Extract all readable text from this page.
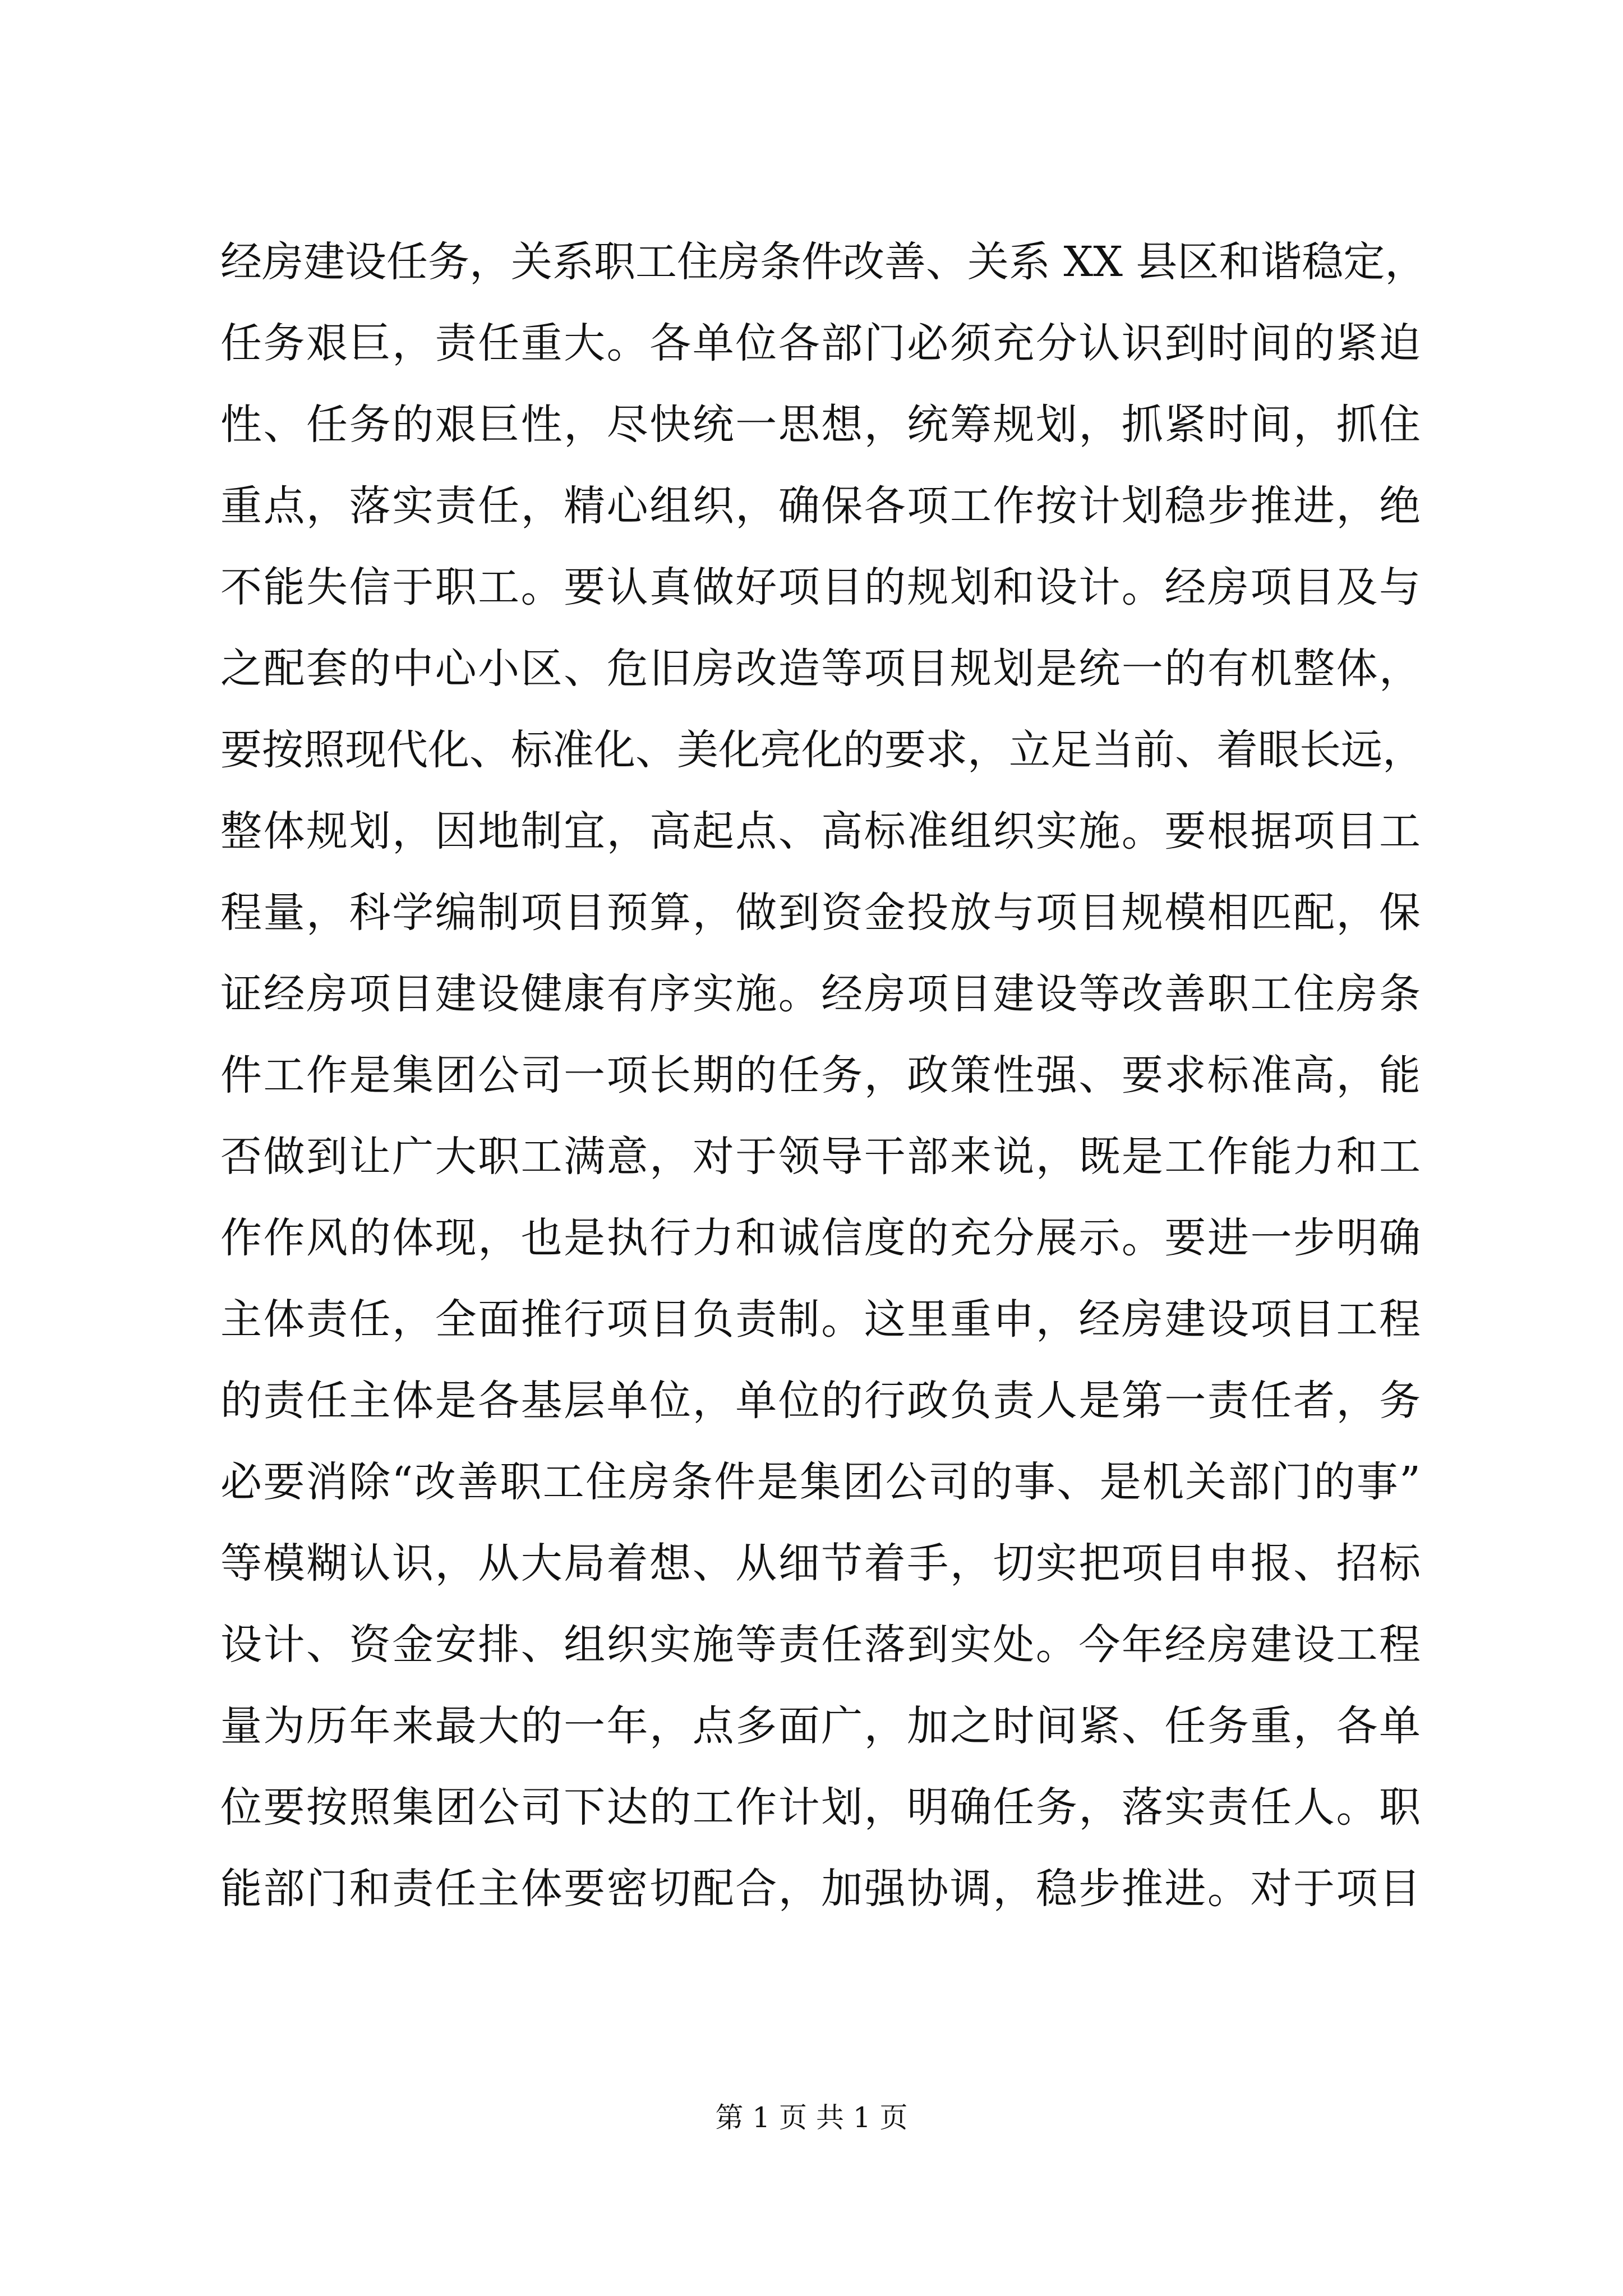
经房建设任务，关系职工住房条件改善、关系 XX 县区和谐稳定，
任务艰巨，责任重大。各单位各部门必须充分认识到时间的紧迫
性、任务的艰巨性，尽快统一思想，统筹规划，抓紧时间，抓住
重点，落实责任，精心组织，确保各项工作按计划稳步推进，绝
不能失信于职工。要认真做好项目的规划和设计。经房项目及与
之配套的中心小区、危旧房改造等项目规划是统一的有机整体，
要按照现代化、标准化、美化亮化的要求，立足当前、着眼长远，
整体规划，因地制宜，高起点、高标准组织实施。要根据项目工
程量，科学编制项目预算，做到资金投放与项目规模相匹配，保
证经房项目建设健康有序实施。经房项目建设等改善职工住房条
件工作是集团公司一项长期的任务，政策性强、要求标准高，能
否做到让广大职工满意，对于领导干部来说，既是工作能力和工
作作风的体现，也是执行力和诚信度的充分展示。要进一步明确
主体责任，全面推行项目负责制。这里重申，经房建设项目工程
的责任主体是各基层单位，单位的行政负责人是第一责任者，务
必要消除“改善职工住房条件是集团公司的事、是机关部门的事”
等模糊认识，从大局着想、从细节着手，切实把项目申报、招标
设计、资金安排、组织实施等责任落到实处。今年经房建设工程
量为历年来最大的一年，点多面广，加之时间紧、任务重，各单
位要按照集团公司下达的工作计划，明确任务，落实责任人。职
能部门和责任主体要密切配合，加强协调，稳步推进。对于项目
第 1 页 共 1 页
